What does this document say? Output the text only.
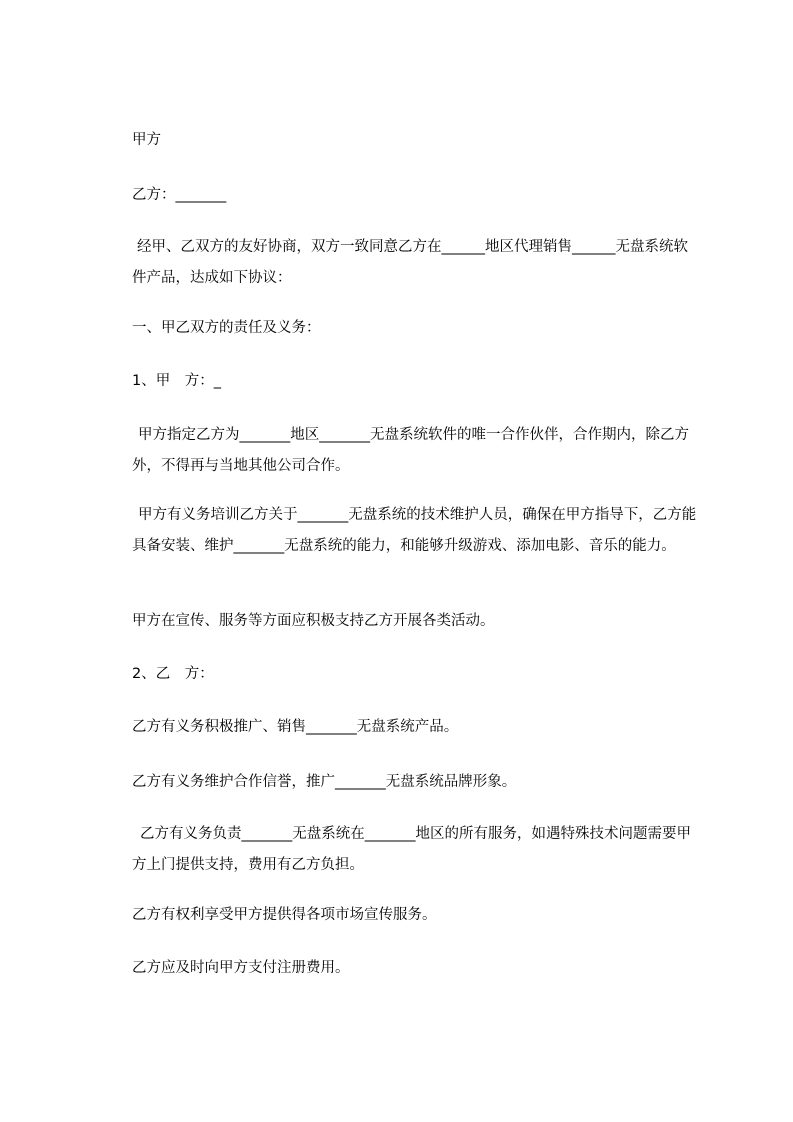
甲方

乙方：_______

经甲、乙双方的友好协商，双方一致同意乙方在______地区代理销售______无盘系统软件产品，达成如下协议：

一、甲乙双方的责任及义务：

1、甲　方：_

甲方指定乙方为_______地区_______无盘系统软件的唯一合作伙伴，合作期内，除乙方外，不得再与当地其他公司合作。

甲方有义务培训乙方关于_______无盘系统的技术维护人员，确保在甲方指导下，乙方能具备安装、维护_______无盘系统的能力，和能够升级游戏、添加电影、音乐的能力。

甲方在宣传、服务等方面应积极支持乙方开展各类活动。

2、乙　方：

乙方有义务积极推广、销售_______无盘系统产品。

乙方有义务维护合作信誉，推广_______无盘系统品牌形象。

乙方有义务负责_______无盘系统在_______地区的所有服务，如遇特殊技术问题需要甲方上门提供支持，费用有乙方负担。

乙方有权利享受甲方提供得各项市场宣传服务。

乙方应及时向甲方支付注册费用。
